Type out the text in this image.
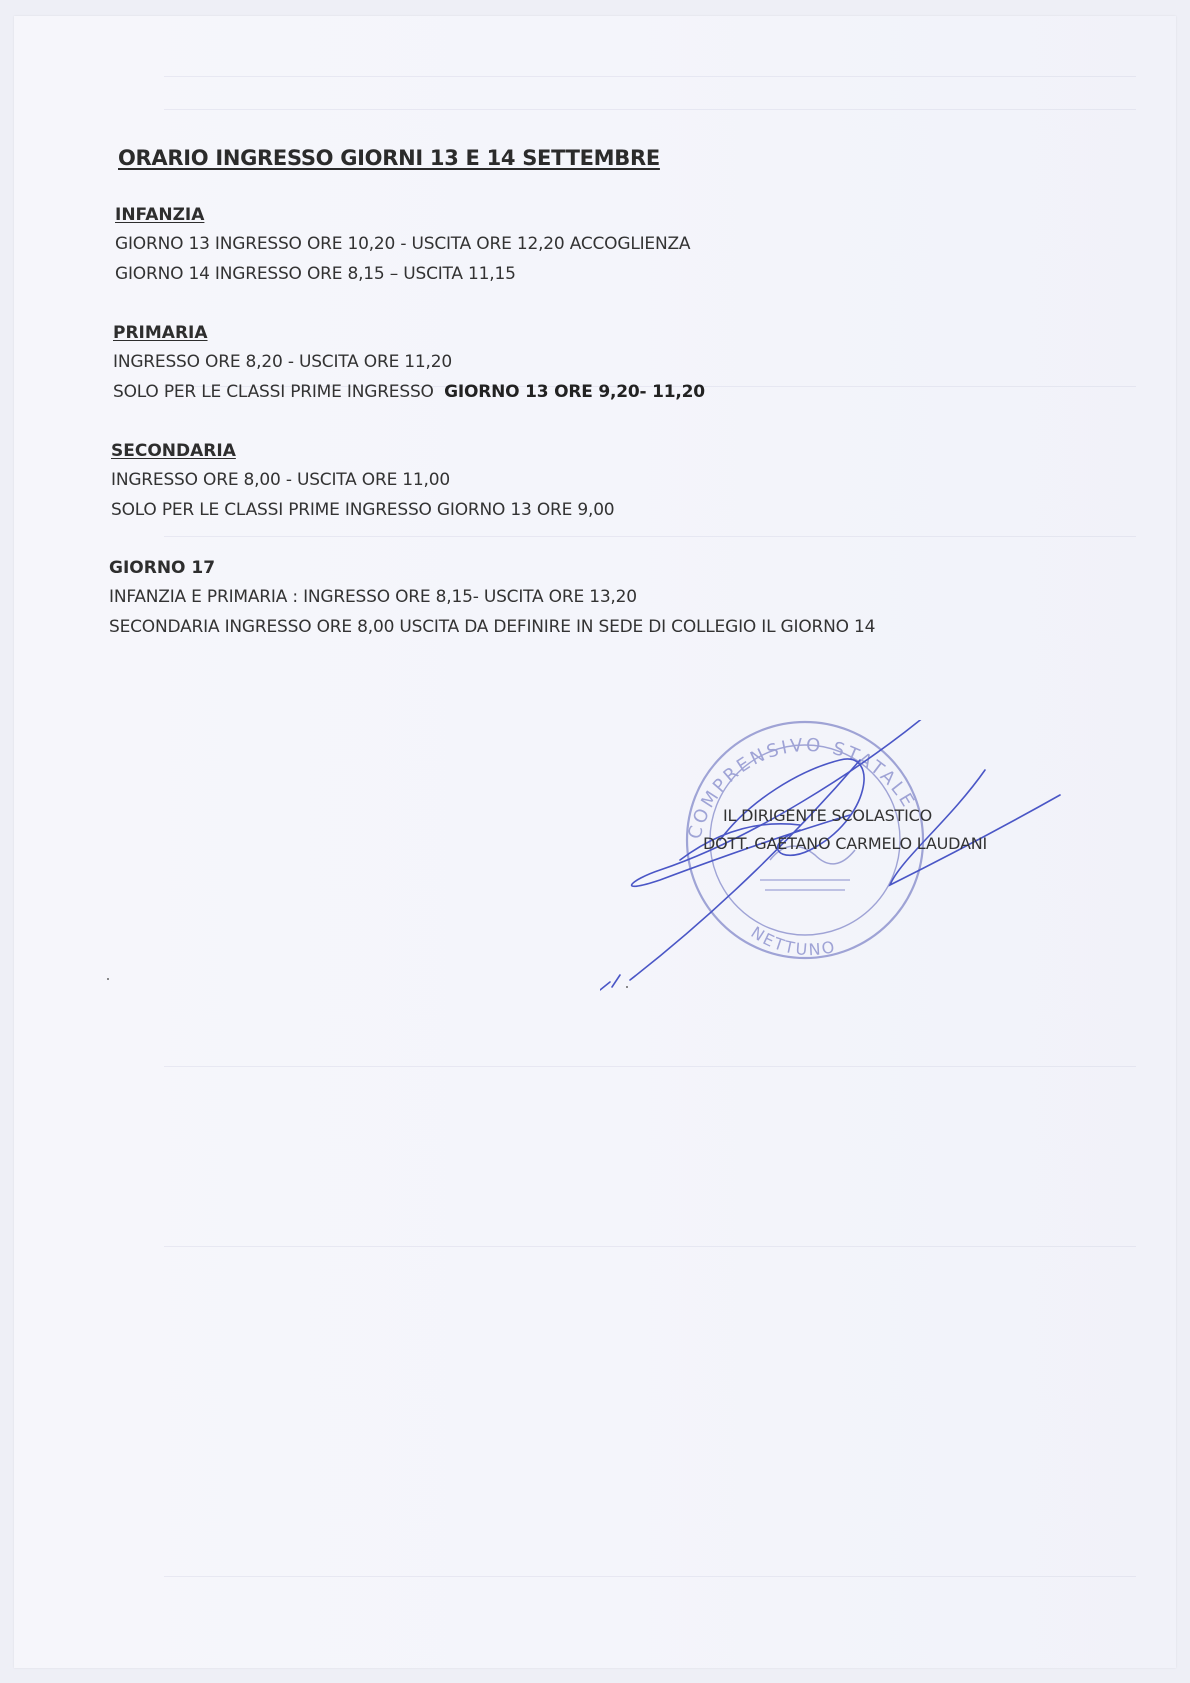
ORARIO INGRESSO GIORNI 13 E 14 SETTEMBRE
INFANZIA
GIORNO 13 INGRESSO ORE 10,20 - USCITA ORE 12,20 ACCOGLIENZA
GIORNO 14 INGRESSO ORE 8,15 – USCITA 11,15
PRIMARIA
INGRESSO ORE 8,20 - USCITA ORE 11,20
SOLO PER LE CLASSI PRIME INGRESSO  GIORNO 13 ORE 9,20- 11,20
SECONDARIA
INGRESSO ORE 8,00 - USCITA ORE 11,00
SOLO PER LE CLASSI PRIME INGRESSO GIORNO 13 ORE 9,00
GIORNO 17
INFANZIA E PRIMARIA : INGRESSO ORE 8,15- USCITA ORE 13,20
SECONDARIA INGRESSO ORE 8,00 USCITA DA DEFINIRE IN SEDE DI COLLEGIO IL GIORNO 14
COMPRENSIVO STATALE
NETTUNO
IL DIRIGENTE SCOLASTICO
DOTT. GAETANO CARMELO LAUDANI
